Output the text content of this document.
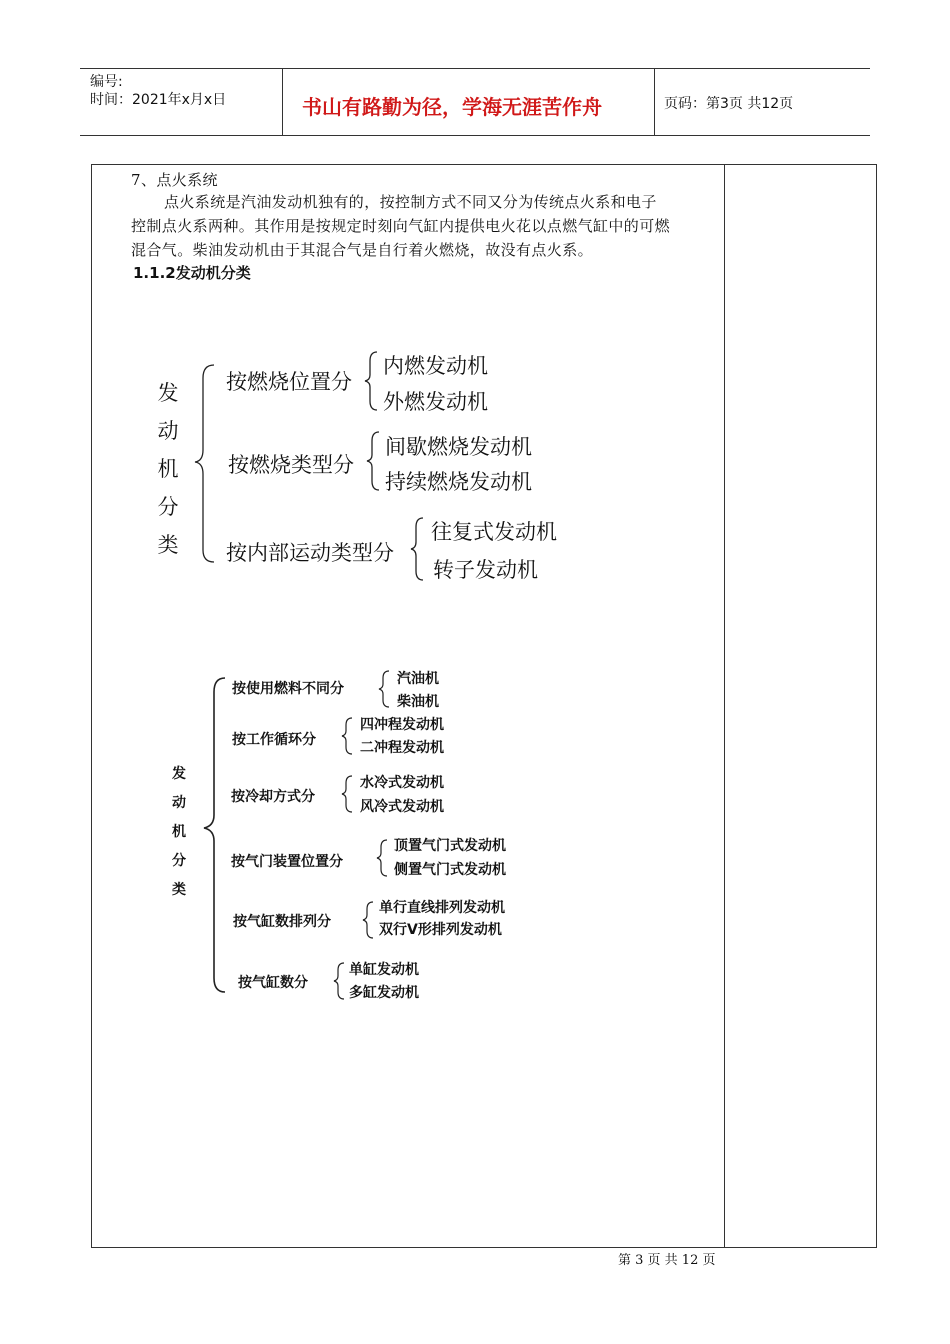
编号:
时间：2021年x月x日	书山有路勤为径，学海无涯苦作舟	页码：第3页 共12页
7、点火系统
点火系统是汽油发动机独有的，按控制方式不同又分为传统点火系和电子
控制点火系两种。其作用是按规定时刻向气缸内提供电火花以点燃气缸中的可燃
混合气。柴油发动机由于其混合气是自行着火燃烧，故没有点火系。
1.1.2发动机分类
发
动
机
分
类
按燃烧位置分
内燃发动机
外燃发动机
按燃烧类型分
间歇燃烧发动机
持续燃烧发动机
按内部运动类型分
往复式发动机
转子发动机
发
动
机
分
类
按使用燃料不同分
汽油机
柴油机
按工作循环分
四冲程发动机
二冲程发动机
按冷却方式分
水冷式发动机
风冷式发动机
按气门装置位置分
顶置气门式发动机
侧置气门式发动机
按气缸数排列分
单行直线排列发动机
双行V形排列发动机
按气缸数分
单缸发动机
多缸发动机
第 3 页 共 12 页
